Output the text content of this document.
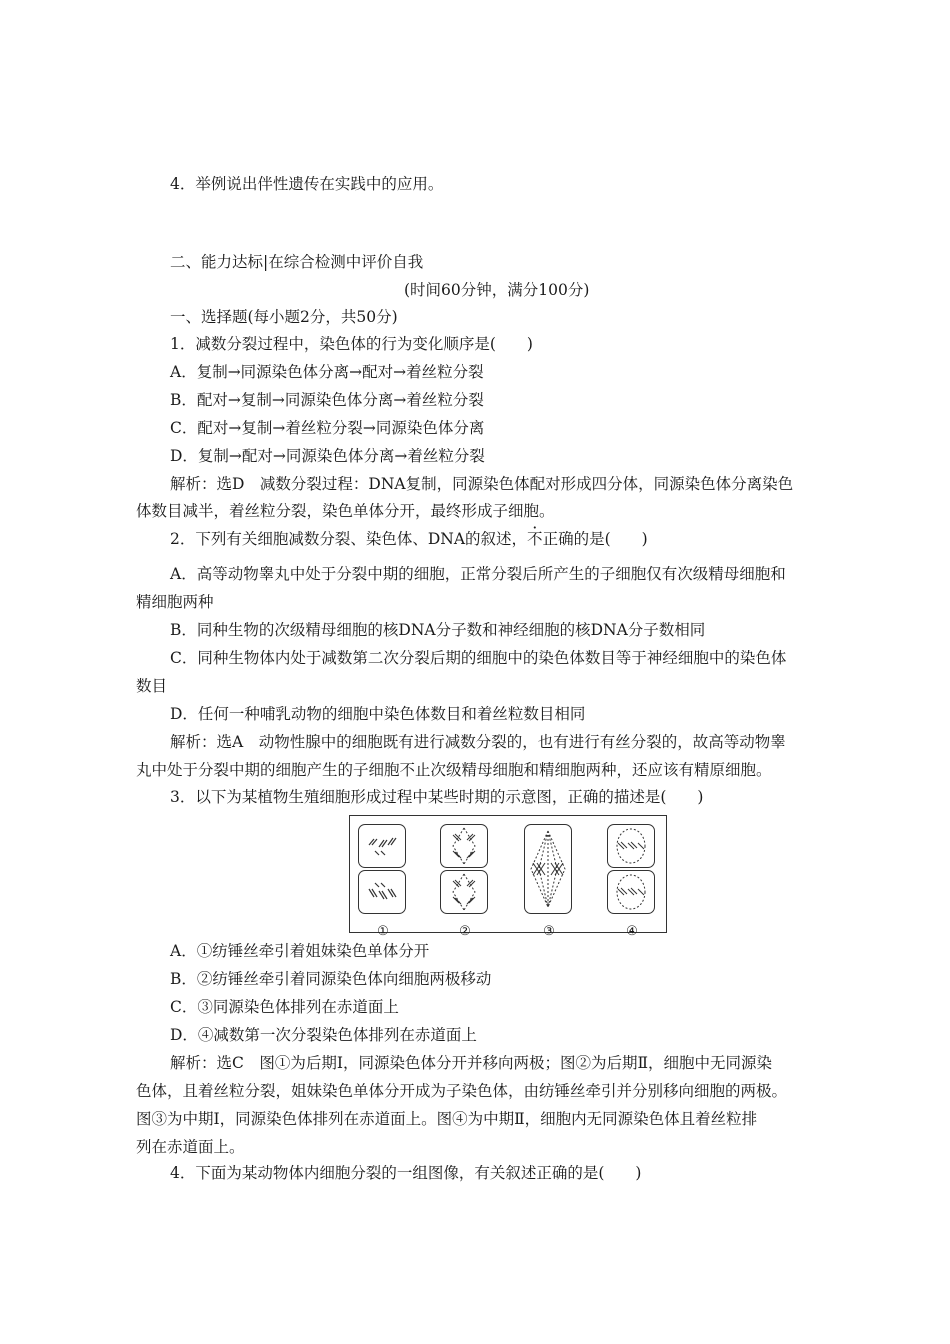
4．举例说出伴性遗传在实践中的应用。
二、能力达标|在综合检测中评价自我
(时间60分钟，满分100分)
一、选择题(每小题2分，共50分)
1．减数分裂过程中，染色体的行为变化顺序是(　　)
A．复制→同源染色体分离→配对→着丝粒分裂
B．配对→复制→同源染色体分离→着丝粒分裂
C．配对→复制→着丝粒分裂→同源染色体分离
D．复制→配对→同源染色体分离→着丝粒分裂
解析：选D　减数分裂过程：DNA复制，同源染色体配对形成四分体，同源染色体分离染色
体数目减半，着丝粒分裂，染色单体分开，最终形成子细胞。
2．下列有关细胞减数分裂、染色体、DNA的叙述，不正确的是(　　)
A．高等动物睾丸中处于分裂中期的细胞，正常分裂后所产生的子细胞仅有次级精母细胞和
精细胞两种
B．同种生物的次级精母细胞的核DNA分子数和神经细胞的核DNA分子数相同
C．同种生物体内处于减数第二次分裂后期的细胞中的染色体数目等于神经细胞中的染色体
数目
D．任何一种哺乳动物的细胞中染色体数目和着丝粒数目相同
解析：选A　动物性腺中的细胞既有进行减数分裂的，也有进行有丝分裂的，故高等动物睾
丸中处于分裂中期的细胞产生的子细胞不止次级精母细胞和精细胞两种，还应该有精原细胞。
3．以下为某植物生殖细胞形成过程中某些时期的示意图，正确的描述是(　　)
①	②	③	④
A．①纺锤丝牵引着姐妹染色单体分开
B．②纺锤丝牵引着同源染色体向细胞两极移动
C．③同源染色体排列在赤道面上
D．④减数第一次分裂染色体排列在赤道面上
解析：选C　图①为后期Ⅰ，同源染色体分开并移向两极；图②为后期Ⅱ，细胞中无同源染
色体，且着丝粒分裂，姐妹染色单体分开成为子染色体，由纺锤丝牵引并分别移向细胞的两极。
图③为中期Ⅰ，同源染色体排列在赤道面上。图④为中期Ⅱ，细胞内无同源染色体且着丝粒排
列在赤道面上。
4．下面为某动物体内细胞分裂的一组图像，有关叙述正确的是(　　)
